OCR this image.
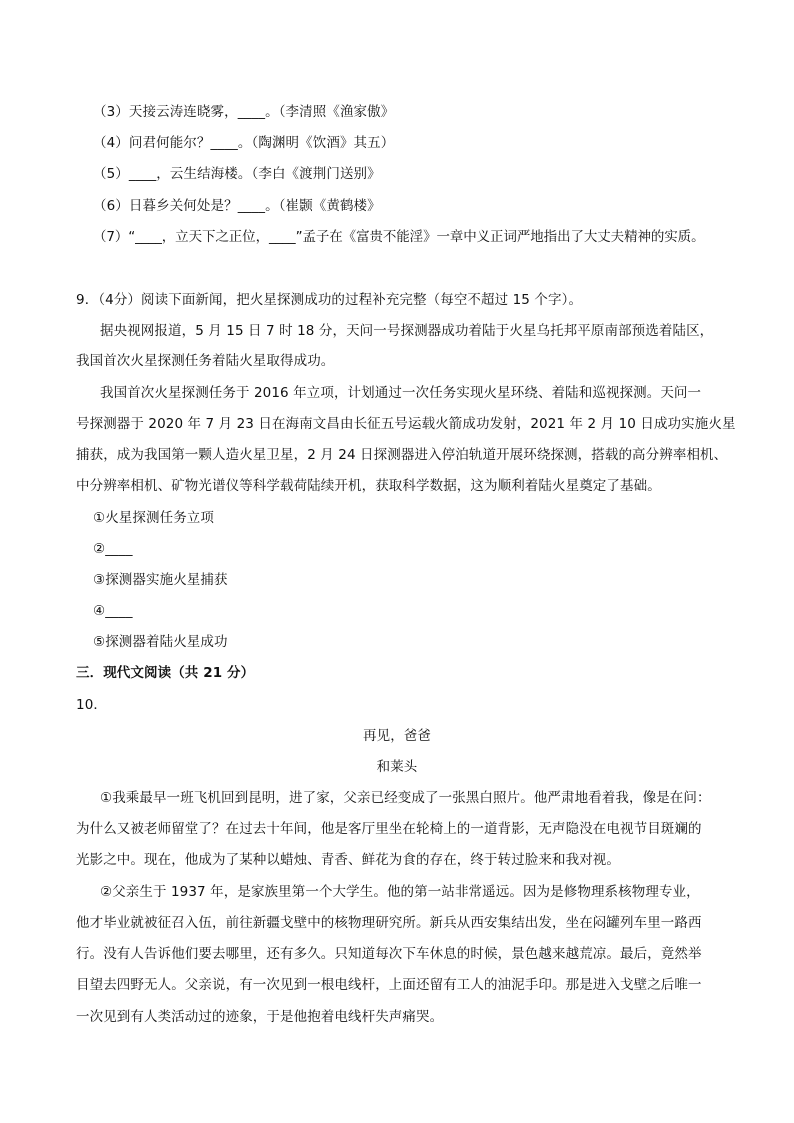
（3）天接云涛连晓雾，____。（李清照《渔家傲》
（4）问君何能尔？____。（陶渊明《饮酒》其五）
（5）____，云生结海楼。（李白《渡荆门送别》
（6）日暮乡关何处是？____。（崔颢《黄鹤楼》
（7）“____，立天下之正位，____”孟子在《富贵不能淫》一章中义正词严地指出了大丈夫精神的实质。
9．（4分）阅读下面新闻，把火星探测成功的过程补充完整（每空不超过 15 个字）。
据央视网报道，5 月 15 日 7 时 18 分，天问一号探测器成功着陆于火星乌托邦平原南部预选着陆区，
我国首次火星探测任务着陆火星取得成功。
我国首次火星探测任务于 2016 年立项，计划通过一次任务实现火星环绕、着陆和巡视探测。天问一
号探测器于 2020 年 7 月 23 日在海南文昌由长征五号运载火箭成功发射，2021 年 2 月 10 日成功实施火星
捕获，成为我国第一颗人造火星卫星，2 月 24 日探测器进入停泊轨道开展环绕探测，搭载的高分辨率相机、
中分辨率相机、矿物光谱仪等科学载荷陆续开机，获取科学数据，这为顺利着陆火星奠定了基础。
①火星探测任务立项
②____
③探测器实施火星捕获
④____
⑤探测器着陆火星成功
三．现代文阅读（共 21 分）
10．
再见，爸爸
和莱头
①我乘最早一班飞机回到昆明，进了家，父亲已经变成了一张黑白照片。他严肃地看着我，像是在问：
为什么又被老师留堂了？在过去十年间，他是客厅里坐在轮椅上的一道背影，无声隐没在电视节目斑斓的
光影之中。现在，他成为了某种以蜡烛、青香、鲜花为食的存在，终于转过脸来和我对视。
②父亲生于 1937 年，是家族里第一个大学生。他的第一站非常遥远。因为是修物理系核物理专业，
他才毕业就被征召入伍，前往新疆戈壁中的核物理研究所。新兵从西安集结出发，坐在闷罐列车里一路西
行。没有人告诉他们要去哪里，还有多久。只知道每次下车休息的时候，景色越来越荒凉。最后，竟然举
目望去四野无人。父亲说，有一次见到一根电线杆，上面还留有工人的油泥手印。那是进入戈壁之后唯一
一次见到有人类活动过的迹象，于是他抱着电线杆失声痛哭。
